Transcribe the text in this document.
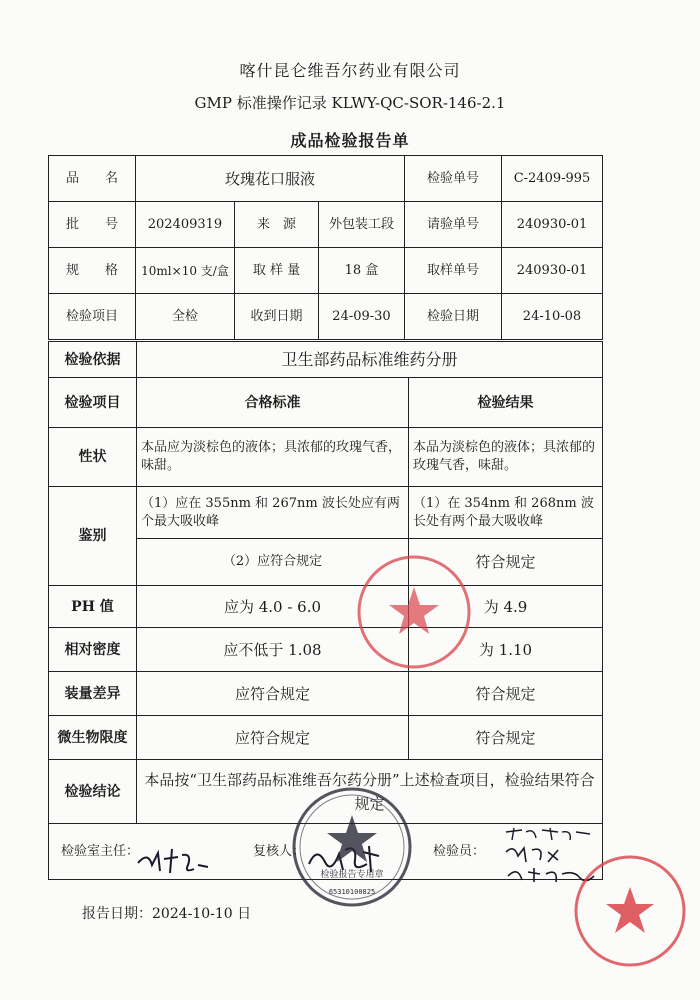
喀什昆仑维吾尔药业有限公司
GMP 标准操作记录 KLWY-QC-SOR-146-2.1
成品检验报告单
品　　名	玫瑰花口服液			检验单号	C-2409-995
批　　号	202409319	来　源	外包装工段	请验单号	240930-01
规　　格	10ml×10 支/盒	取 样 量	18 盒	取样单号	240930-01
检验项目	全检	收到日期	24-09-30	检验日期	24-10-08
检验依据	卫生部药品标准维药分册	
检验项目	合格标准	检验结果
性状	本品应为淡棕色的液体；具浓郁的玫瑰气香，味甜。	本品为淡棕色的液体；具浓郁的玫瑰气香，味甜。
鉴别	（1）应在 355nm 和 267nm 波长处应有两个最大吸收峰	（1）在 354nm 和 268nm 波长处有两个最大吸收峰
	（2）应符合规定	符合规定
PH 值	应为 4.0 - 6.0	为 4.9
相对密度	应不低于 1.08	为 1.10
装量差异	应符合规定	符合规定
微生物限度	应符合规定	符合规定
检验结论	本品按“卫生部药品标准维吾尔药分册”上述检查项目，检验结果符合规定	

检验室主任： 复核人： 检验员：		
报告日期：2024-10-10 日
检验报告专用章
65310100825
